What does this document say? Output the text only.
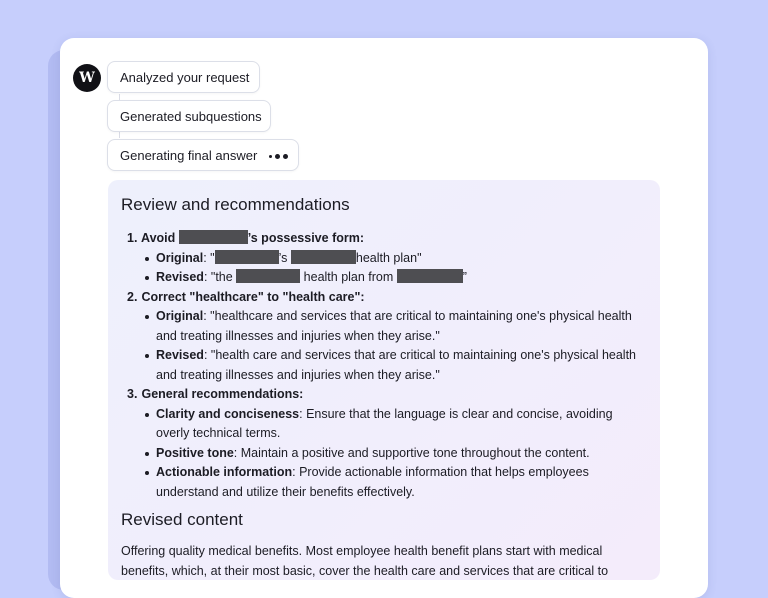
W	Analyzed your request
Generated subquestions
Generating final answer
Review and recommendations
1. Avoid	’s possessive form:
Original: "	’s	health plan"
Revised: "the	health plan from	”
2. Correct "healthcare" to "health care":
Original: "healthcare and services that are critical to maintaining one's physical health and treating illnesses and injuries when they arise."
Revised: "health care and services that are critical to maintaining one's physical health and treating illnesses and injuries when they arise."
3. General recommendations:
Clarity and conciseness: Ensure that the language is clear and concise, avoiding overly technical terms.
Positive tone: Maintain a positive and supportive tone throughout the content.
Actionable information: Provide actionable information that helps employees understand and utilize their benefits effectively.
Revised content
Offering quality medical benefits. Most employee health benefit plans start with medical benefits, which, at their most basic, cover the health care and services that are critical to
